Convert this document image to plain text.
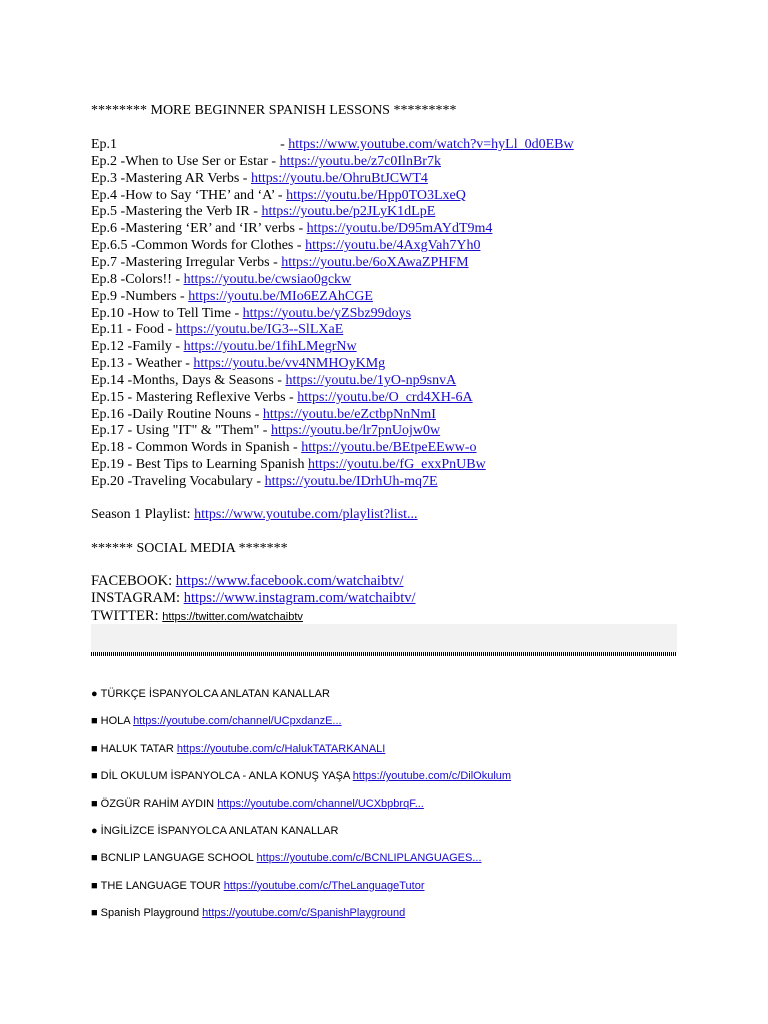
******** MORE BEGINNER SPANISH LESSONS *********
Ep.1	- https://www.youtube.com/watch?v=hyLl_0d0EBw
Ep.2 -When to Use Ser or Estar - https://youtu.be/z7c0IlnBr7k
Ep.3 -Mastering AR Verbs - https://youtu.be/OhruBtJCWT4
Ep.4 -How to Say ‘THE’ and ‘A’ - https://youtu.be/Hpp0TO3LxeQ
Ep.5 -Mastering the Verb IR - https://youtu.be/p2JLyK1dLpE
Ep.6 -Mastering ‘ER’ and ‘IR’ verbs - https://youtu.be/D95mAYdT9m4
Ep.6.5 -Common Words for Clothes - https://youtu.be/4AxgVah7Yh0
Ep.7 -Mastering Irregular Verbs - https://youtu.be/6oXAwaZPHFM
Ep.8 -Colors!! - https://youtu.be/cwsiao0gckw
Ep.9 -Numbers - https://youtu.be/MIo6EZAhCGE
Ep.10 -How to Tell Time - https://youtu.be/yZSbz99doys
Ep.11 - Food - https://youtu.be/IG3--SlLXaE
Ep.12 -Family - https://youtu.be/1fihLMegrNw
Ep.13 - Weather - https://youtu.be/vv4NMHOyKMg
Ep.14 -Months, Days & Seasons - https://youtu.be/1yO-np9snvA
Ep.15 - Mastering Reflexive Verbs - https://youtu.be/O_crd4XH-6A
Ep.16 -Daily Routine Nouns - https://youtu.be/eZctbpNnNmI
Ep.17 - Using "IT" & "Them" - https://youtu.be/lr7pnUojw0w
Ep.18 - Common Words in Spanish - https://youtu.be/BEtpeEEww-o
Ep.19 - Best Tips to Learning Spanish https://youtu.be/fG_exxPnUBw
Ep.20 -Traveling Vocabulary - https://youtu.be/IDrhUh-mq7E
Season 1 Playlist: https://www.youtube.com/playlist?list...
****** SOCIAL MEDIA *******
FACEBOOK: https://www.facebook.com/watchaibtv/
INSTAGRAM: https://www.instagram.com/watchaibtv/
TWITTER: https://twitter.com/watchaibtv
● TÜRKÇE İSPANYOLCA ANLATAN KANALLAR
■ HOLA https://youtube.com/channel/UCpxdanzE...
■ HALUK TATAR https://youtube.com/c/HalukTATARKANALI
■ DİL OKULUM İSPANYOLCA - ANLA KONUŞ YAŞA https://youtube.com/c/DilOkulum
■ ÖZGÜR RAHİM AYDIN https://youtube.com/channel/UCXbpbrqF...
● İNGİLİZCE İSPANYOLCA ANLATAN KANALLAR
■ BCNLIP LANGUAGE SCHOOL https://youtube.com/c/BCNLIPLANGUAGES...
■ THE LANGUAGE TOUR https://youtube.com/c/TheLanguageTutor
■ Spanish Playground https://youtube.com/c/SpanishPlayground
